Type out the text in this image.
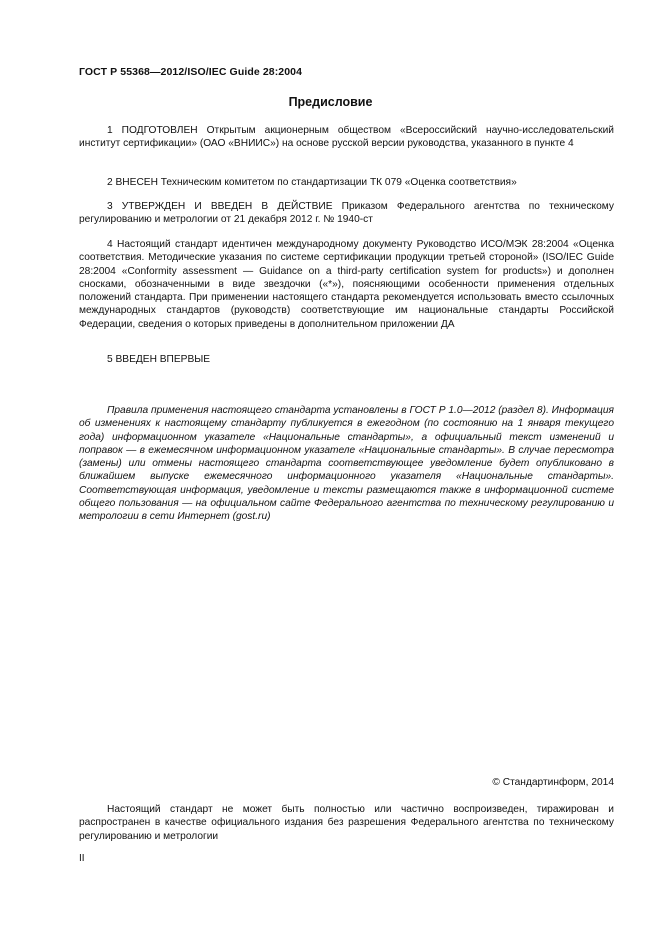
ГОСТ Р 55368—2012/ISO/IEC Guide 28:2004
Предисловие

1 ПОДГОТОВЛЕН Открытым акционерным обществом «Всероссийский научно-исследовательский институт сертификации» (ОАО «ВНИИС») на основе русской версии руководства, указанного в пункте 4

2 ВНЕСЕН Техническим комитетом по стандартизации ТК 079 «Оценка соответствия»

3 УТВЕРЖДЕН И ВВЕДЕН В ДЕЙСТВИЕ Приказом Федерального агентства по техническому регулированию и метрологии от 21 декабря 2012 г. № 1940-ст

4 Настоящий стандарт идентичен международному документу Руководство ИСО/МЭК 28:2004 «Оценка соответствия. Методические указания по системе сертификации продукции третьей стороной» (ISO/IEC Guide 28:2004 «Conformity assessment — Guidance on a third-party certification system for products») и дополнен сносками, обозначенными в виде звездочки («*»), поясняющими особенности применения отдельных положений стандарта. При применении настоящего стандарта рекомендуется использовать вместо ссылочных международных стандартов (руководств) соответствующие им национальные стандарты Российской Федерации, сведения о которых приведены в дополнительном приложении ДА

5 ВВЕДЕН ВПЕРВЫЕ

Правила применения настоящего стандарта установлены в ГОСТ Р 1.0—2012 (раздел 8). Информация об изменениях к настоящему стандарту публикуется в ежегодном (по состоянию на 1 января текущего года) информационном указателе «Национальные стандарты», а официальный текст изменений и поправок — в ежемесячном информационном указателе «Национальные стандарты». В случае пересмотра (замены) или отмены настоящего стандарта соответствующее уведомление будет опубликовано в ближайшем выпуске ежемесячного информационного указателя «Национальные стандарты». Соответствующая информация, уведомление и тексты размещаются также в информационной системе общего пользования — на официальном сайте Федерального агентства по техническому регулированию и метрологии в сети Интернет (gost.ru)

© Стандартинформ, 2014

Настоящий стандарт не может быть полностью или частично воспроизведен, тиражирован и распространен в качестве официального издания без разрешения Федерального агентства по техническому регулированию и метрологии

II
